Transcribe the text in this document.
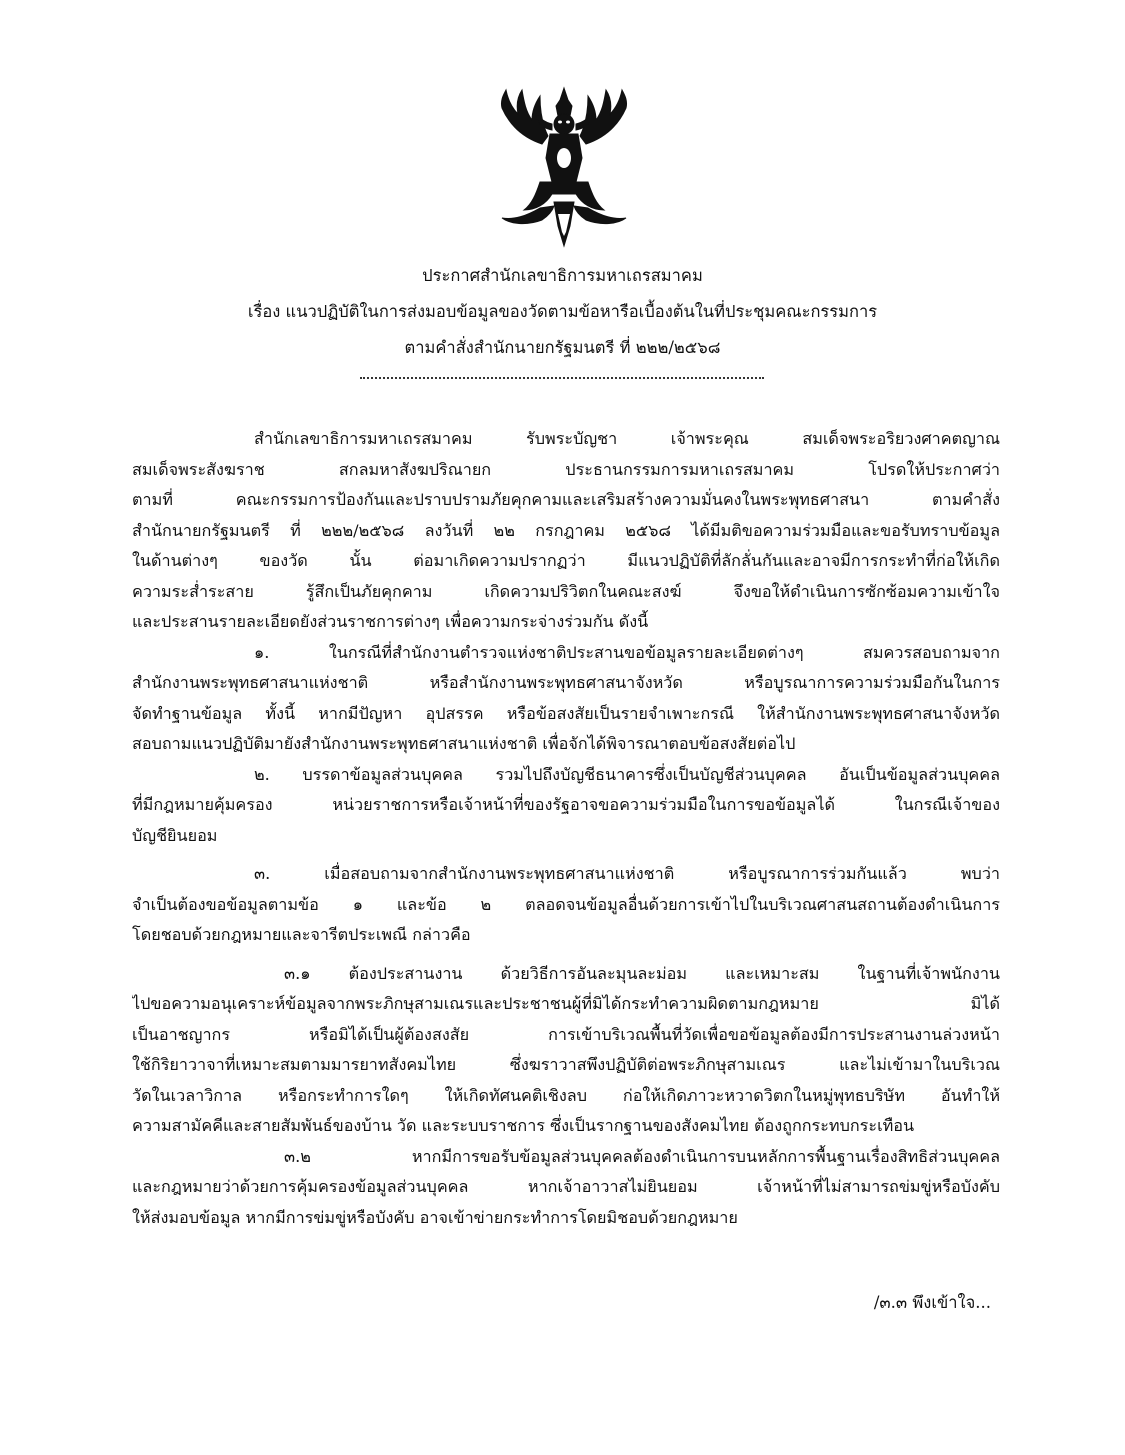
ประกาศสำนักเลขาธิการมหาเถรสมาคม
เรื่อง แนวปฏิบัติในการส่งมอบข้อมูลของวัดตามข้อหารือเบื้องต้นในที่ประชุมคณะกรรมการ
ตามคำสั่งสำนักนายกรัฐมนตรี ที่ ๒๒๒/๒๕๖๘
สำนักเลขาธิการมหาเถรสมาคม รับพระบัญชา เจ้าพระคุณ สมเด็จพระอริยวงศาคตญาณ
สมเด็จพระสังฆราช สกลมหาสังฆปริณายก ประธานกรรมการมหาเถรสมาคม โปรดให้ประกาศว่า
ตามที่ คณะกรรมการป้องกันและปราบปรามภัยคุกคามและเสริมสร้างความมั่นคงในพระพุทธศาสนา ตามคำสั่ง
สำนักนายกรัฐมนตรี ที่ ๒๒๒/๒๕๖๘ ลงวันที่ ๒๒ กรกฎาคม ๒๕๖๘ ได้มีมติขอความร่วมมือและขอรับทราบข้อมูล
ในด้านต่างๆ ของวัด นั้น ต่อมาเกิดความปรากฏว่า มีแนวปฏิบัติที่ลักลั่นกันและอาจมีการกระทำที่ก่อให้เกิด
ความระส่ำระสาย รู้สึกเป็นภัยคุกคาม เกิดความปริวิตกในคณะสงฆ์ จึงขอให้ดำเนินการซักซ้อมความเข้าใจ
และประสานรายละเอียดยังส่วนราชการต่างๆ เพื่อความกระจ่างร่วมกัน ดังนี้
๑. ในกรณีที่สำนักงานตำรวจแห่งชาติประสานขอข้อมูลรายละเอียดต่างๆ สมควรสอบถามจาก
สำนักงานพระพุทธศาสนาแห่งชาติ หรือสำนักงานพระพุทธศาสนาจังหวัด หรือบูรณาการความร่วมมือกันในการ
จัดทำฐานข้อมูล ทั้งนี้ หากมีปัญหา อุปสรรค หรือข้อสงสัยเป็นรายจำเพาะกรณี ให้สำนักงานพระพุทธศาสนาจังหวัด
สอบถามแนวปฏิบัติมายังสำนักงานพระพุทธศาสนาแห่งชาติ เพื่อจักได้พิจารณาตอบข้อสงสัยต่อไป
๒. บรรดาข้อมูลส่วนบุคคล รวมไปถึงบัญชีธนาคารซึ่งเป็นบัญชีส่วนบุคคล อันเป็นข้อมูลส่วนบุคคล
ที่มีกฎหมายคุ้มครอง หน่วยราชการหรือเจ้าหน้าที่ของรัฐอาจขอความร่วมมือในการขอข้อมูลได้ ในกรณีเจ้าของ
บัญชียินยอม
๓. เมื่อสอบถามจากสำนักงานพระพุทธศาสนาแห่งชาติ หรือบูรณาการร่วมกันแล้ว พบว่า
จำเป็นต้องขอข้อมูลตามข้อ ๑ และข้อ ๒ ตลอดจนข้อมูลอื่นด้วยการเข้าไปในบริเวณศาสนสถานต้องดำเนินการ
โดยชอบด้วยกฎหมายและจารีตประเพณี กล่าวคือ
๓.๑ ต้องประสานงาน ด้วยวิธีการอันละมุนละม่อม และเหมาะสม ในฐานที่เจ้าพนักงาน
ไปขอความอนุเคราะห์ข้อมูลจากพระภิกษุสามเณรและประชาชนผู้ที่มิได้กระทำความผิดตามกฎหมาย มิได้
เป็นอาชญากร หรือมิได้เป็นผู้ต้องสงสัย การเข้าบริเวณพื้นที่วัดเพื่อขอข้อมูลต้องมีการประสานงานล่วงหน้า
ใช้กิริยาวาจาที่เหมาะสมตามมารยาทสังคมไทย ซึ่งฆราวาสพึงปฏิบัติต่อพระภิกษุสามเณร และไม่เข้ามาในบริเวณ
วัดในเวลาวิกาล หรือกระทำการใดๆ ให้เกิดทัศนคติเชิงลบ ก่อให้เกิดภาวะหวาดวิตกในหมู่พุทธบริษัท อันทำให้
ความสามัคคีและสายสัมพันธ์ของบ้าน วัด และระบบราชการ ซึ่งเป็นรากฐานของสังคมไทย ต้องถูกกระทบกระเทือน
๓.๒ หากมีการขอรับข้อมูลส่วนบุคคลต้องดำเนินการบนหลักการพื้นฐานเรื่องสิทธิส่วนบุคคล
และกฎหมายว่าด้วยการคุ้มครองข้อมูลส่วนบุคคล หากเจ้าอาวาสไม่ยินยอม เจ้าหน้าที่ไม่สามารถข่มขู่หรือบังคับ
ให้ส่งมอบข้อมูล หากมีการข่มขู่หรือบังคับ อาจเข้าข่ายกระทำการโดยมิชอบด้วยกฎหมาย
/๓.๓ พึงเข้าใจ...
